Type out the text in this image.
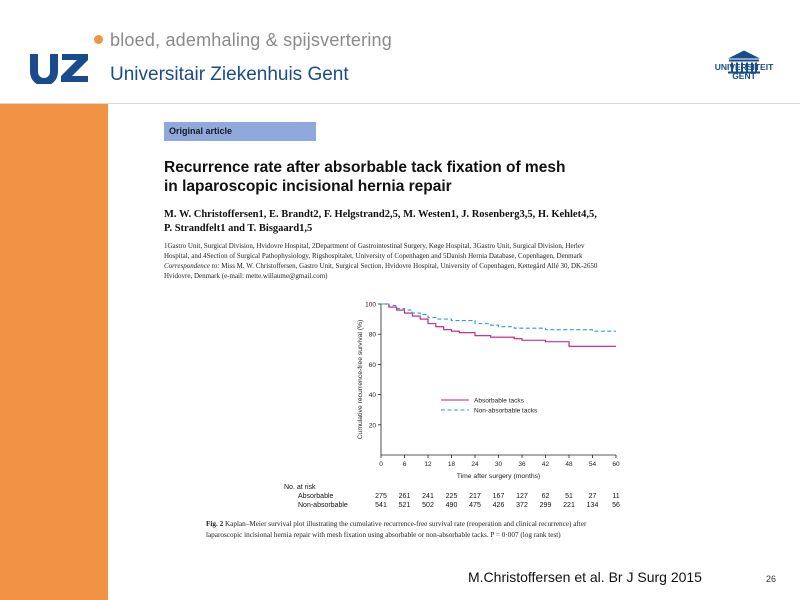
bloed, ademhaling & spijsvertering
Universitair Ziekenhuis Gent	UNIVERSITEIT
GENT
Original article
Recurrence rate after absorbable tack fixation of mesh
in laparoscopic incisional hernia repair
M. W. Christoffersen1, E. Brandt2, F. Helgstrand2,5, M. Westen1, J. Rosenberg3,5, H. Kehlet4,5,
P. Strandfelt1 and T. Bisgaard1,5
1Gastro Unit, Surgical Division, Hvidovre Hospital, 2Department of Gastrointestinal Surgery, Køge Hospital, 3Gastro Unit, Surgical Division, Herlev
Hospital, and 4Section of Surgical Pathophysiology, Rigshospitalet, University of Copenhagen and 5Danish Hernia Database, Copenhagen, Denmark
Correspondence to: Miss M. W. Christoffersen, Gastro Unit, Surgical Section, Hvidovre Hospital, University of Copenhagen, Kettegård Allé 30, DK-2650
Hvidovre, Denmark (e-mail: mette.willaume@gmail.com)
20
40
60
80
100
0	6	12	18	24	30	36	42	48	54	60
Time after surgery (months)
Cumulative recurrence-free survival (%)	Absorbable tacks
Non-absorbable tacks
No. at risk
Absorbable	275	261	241	225	217	167	127	62	51	27	11
Non-absorbable	541	521	502	490	475	426	372	299	221	134	56
Fig. 2 Kaplan–Meier survival plot illustrating the cumulative recurrence-free survival rate (reoperation and clinical recurrence) after
laparoscopic incisional hernia repair with mesh fixation using absorbable or non-absorbable tacks. P = 0·007 (log rank test)
M.Christoffersen et al. Br J Surg 2015	26
